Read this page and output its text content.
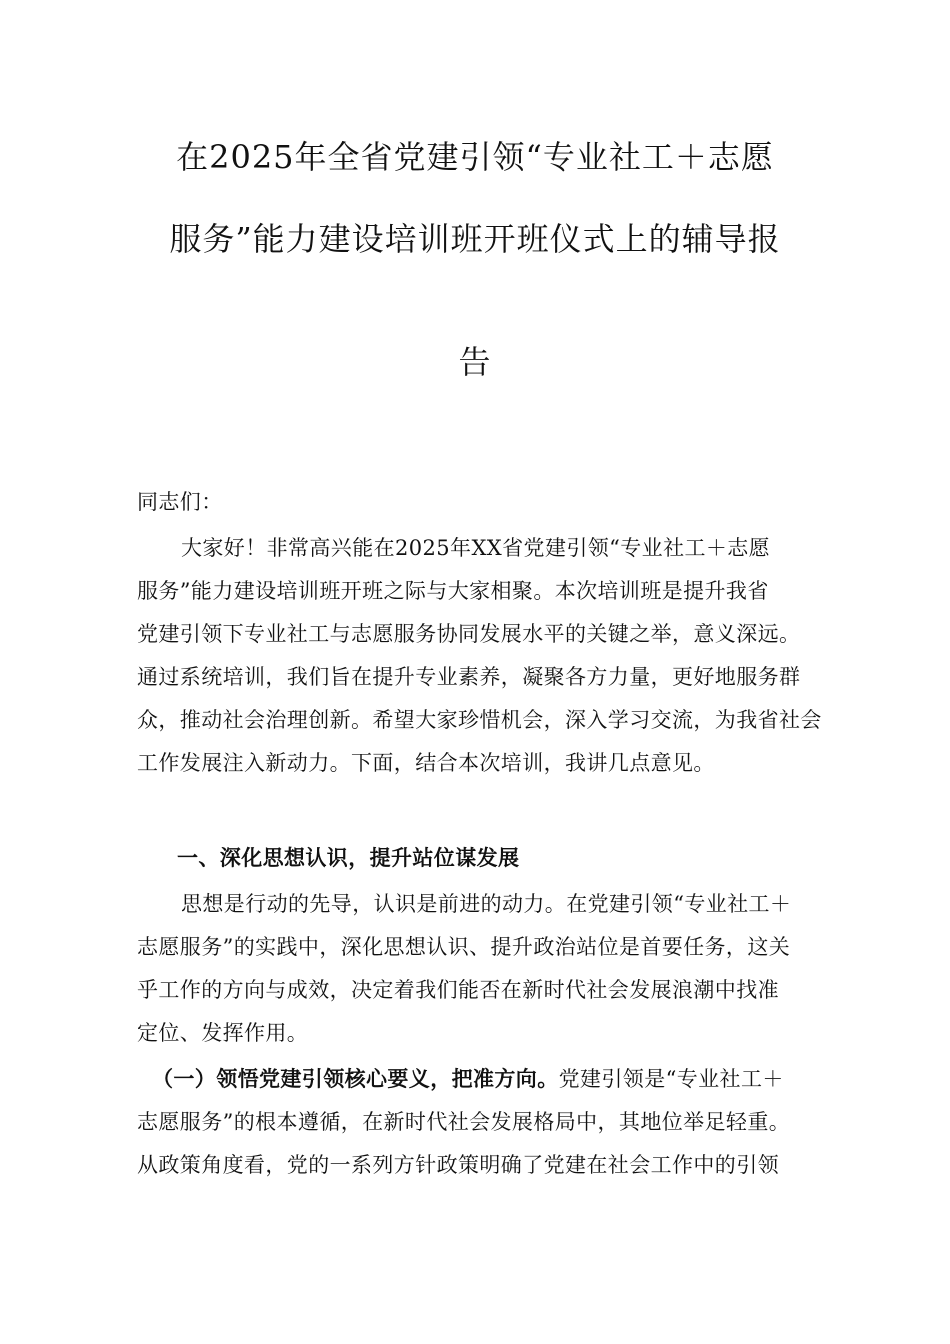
在2025年全省党建引领“专业社工＋志愿
服务”能力建设培训班开班仪式上的辅导报
告
同志们：
大家好！非常高兴能在2025年XX省党建引领“专业社工＋志愿
服务”能力建设培训班开班之际与大家相聚。本次培训班是提升我省
党建引领下专业社工与志愿服务协同发展水平的关键之举，意义深远。
通过系统培训，我们旨在提升专业素养，凝聚各方力量，更好地服务群
众，推动社会治理创新。希望大家珍惜机会，深入学习交流，为我省社会
工作发展注入新动力。下面，结合本次培训，我讲几点意见。
一、深化思想认识，提升站位谋发展
思想是行动的先导，认识是前进的动力。在党建引领“专业社工＋
志愿服务”的实践中，深化思想认识、提升政治站位是首要任务，这关
乎工作的方向与成效，决定着我们能否在新时代社会发展浪潮中找准
定位、发挥作用。
（一）领悟党建引领核心要义，把准方向。党建引领是“专业社工＋
志愿服务”的根本遵循，在新时代社会发展格局中，其地位举足轻重。
从政策角度看，党的一系列方针政策明确了党建在社会工作中的引领
